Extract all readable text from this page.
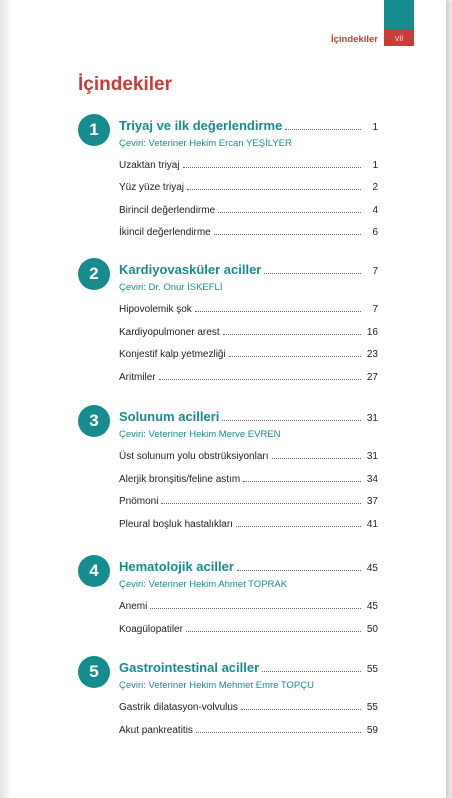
İçindekiler	vii
İçindekiler
1	Triyaj ve ilk değerlendirme	1
Çeviri: Veteriner Hekim Ercan YEŞİLYER
Uzaktan triyaj	1
Yüz yüze triyaj	2
Birincil değerlendirme	4
İkincil değerlendirme	6
2	Kardiyovasküler aciller	7
Çeviri: Dr. Onur İSKEFLİ
Hipovolemik şok	7
Kardiyopulmoner arest	16
Konjestif kalp yetmezliği	23
Aritmiler	27
3	Solunum acilleri	31
Çeviri: Veteriner Hekim Merve EVREN
Üst solunum yolu obstrüksiyonları	31
Alerjik bronşitis/feline astım	34
Pnömoni	37
Pleural boşluk hastalıkları	41
4	Hematolojik aciller	45
Çeviri: Veteriner Hekim Ahmet TOPRAK
Anemi	45
Koagülopatiler	50
5	Gastrointestinal aciller	55
Çeviri: Veteriner Hekim Mehmet Emre TOPÇU
Gastrik dilatasyon-volvulus	55
Akut pankreatitis	59
